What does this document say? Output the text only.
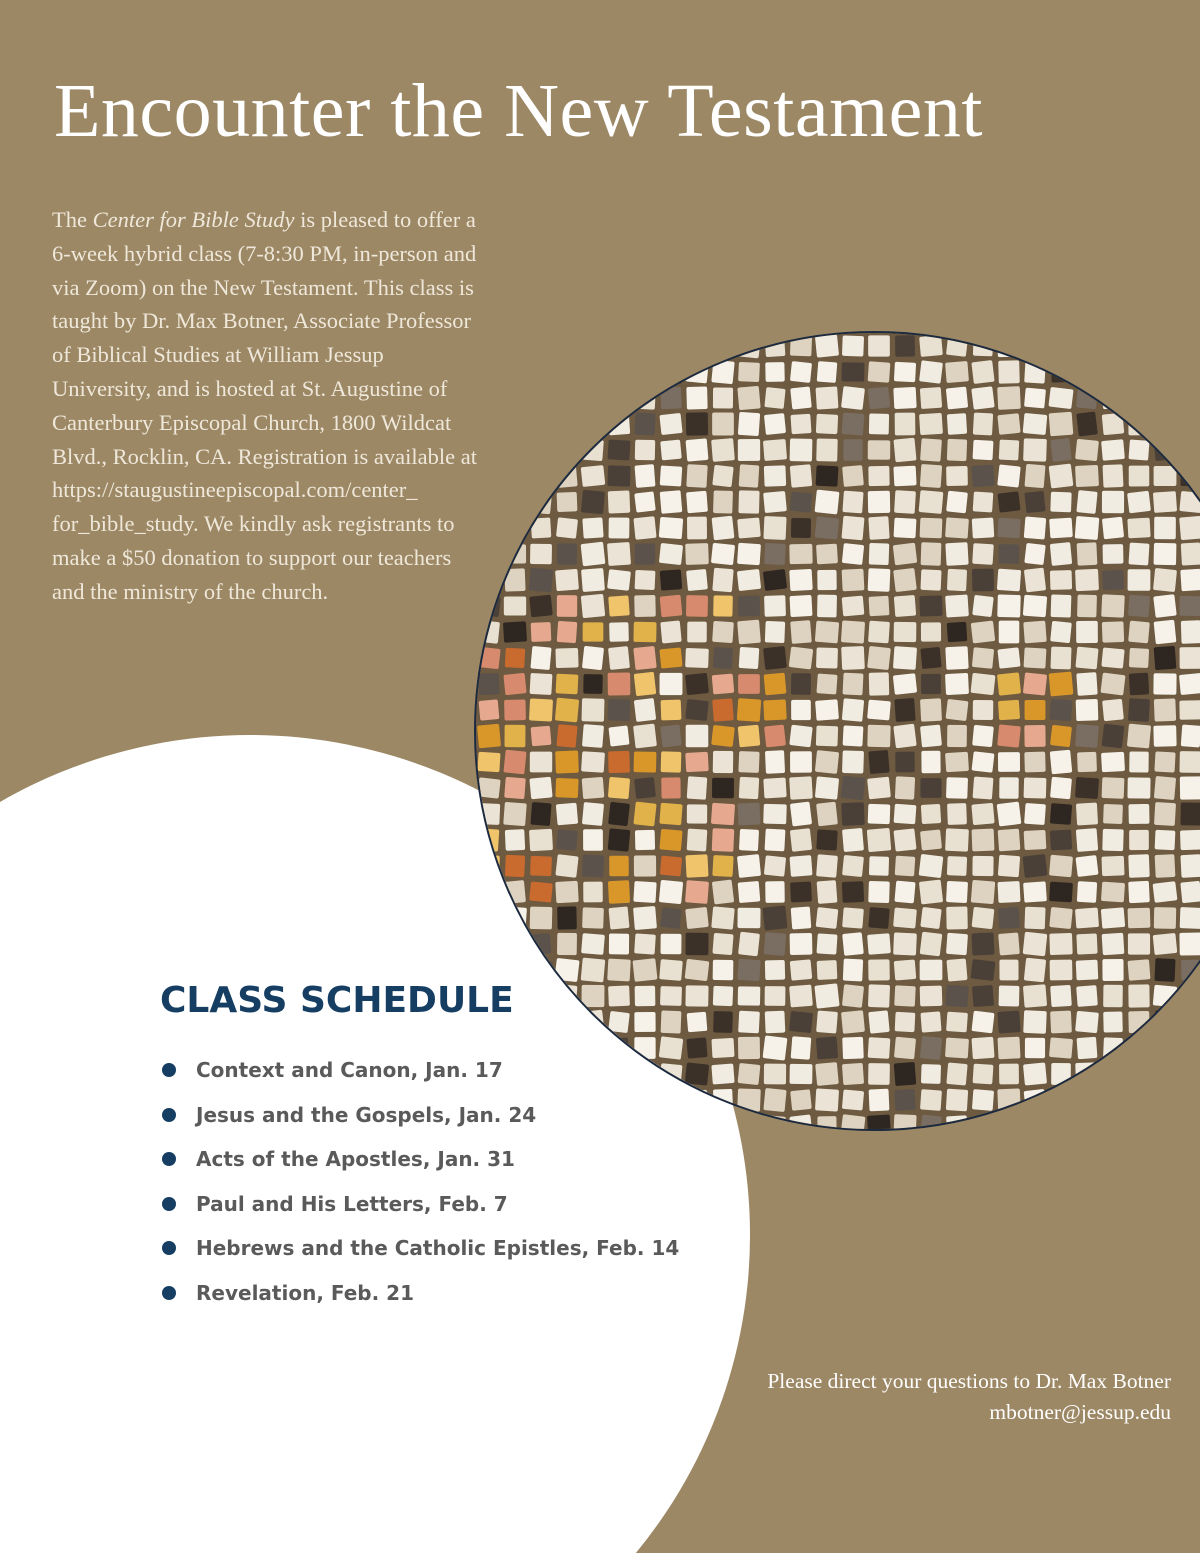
Encounter the New Testament

The Center for Bible Study is pleased to offer a 6-week hybrid class (7-8:30 PM, in-person and via Zoom) on the New Testament. This class is taught by Dr. Max Botner, Associate Professor of Biblical Studies at William Jessup University, and is hosted at St. Augustine of Canterbury Episcopal Church, 1800 Wildcat Blvd., Rocklin, CA. Registration is available at https://staugustineepiscopal.com/center_ for_bible_study. We kindly ask registrants to make a $50 donation to support our teachers and the ministry of the church.

CLASS SCHEDULE
Context and Canon, Jan. 17
Jesus and the Gospels, Jan. 24
Acts of the Apostles, Jan. 31
Paul and His Letters, Feb. 7
Hebrews and the Catholic Epistles, Feb. 14
Revelation, Feb. 21
Please direct your questions to Dr. Max Botner
mbotner@jessup.edu
